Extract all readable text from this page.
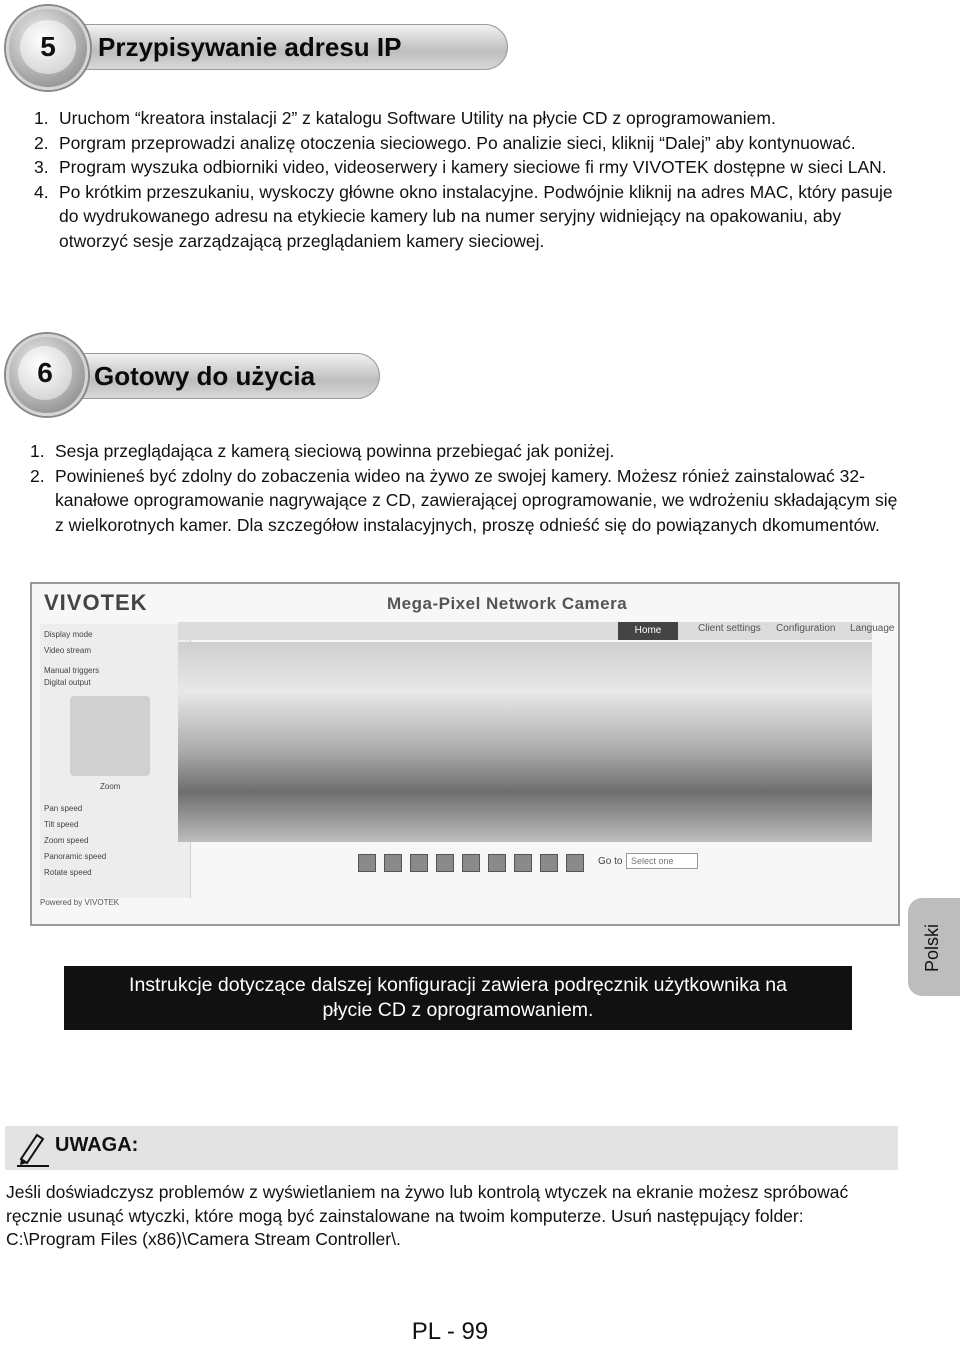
5	Przypisywanie adresu IP
1. Uruchom “kreatora instalacji 2” z katalogu Software Utility na płycie CD z oprogramowaniem.
2. Porgram przeprowadzi analizę otoczenia sieciowego. Po analizie sieci, kliknij “Dalej” aby kontynuować.
3. Program wyszuka odbiorniki video, videoserwery i kamery sieciowe fi rmy VIVOTEK dostępne w sieci LAN.
4. Po krótkim przeszukaniu, wyskoczy główne okno instalacyjne. Podwójnie kliknij na adres MAC, który pasuje do wydrukowanego adresu na etykiecie kamery lub na numer seryjny widniejący na opakowaniu, aby otworzyć sesje zarządzającą przeglądaniem kamery sieciowej.
6	Gotowy do użycia
1. Sesja przeglądająca z kamerą sieciową powinna przebiegać jak poniżej.
2. Powinieneś być zdolny do zobaczenia wideo na żywo ze swojej kamery. Możesz rónież zainstalować 32-kanałowe oprogramowanie nagrywające z CD, zawierającej oprogramowanie, we wdrożeniu składającym się z wielkorotnych kamer. Dla szczegółow instalacyjnych, proszę odnieść się do powiązanych dkomumentów.
VIVOTEK	Mega-Pixel Network Camera
Display mode
Video stream
Manual triggers
Digital output
Zoom
Pan speed
Tilt speed
Zoom speed
Panoramic speed
Rotate speed
Powered by VIVOTEK
Home	Client settings Configuration Language
Go to Select one
Instrukcje dotyczące dalszej konfiguracji zawiera podręcznik użytkownika na
płycie CD z oprogramowaniem.
Polski
UWAGA:
Jeśli doświadczysz problemów z wyświetlaniem na żywo lub kontrolą wtyczek na ekranie możesz spróbować ręcznie usunąć wtyczki, które mogą być zainstalowane na twoim komputerze. Usuń następujący folder: C:\Program Files (x86)\Camera Stream Controller\.
PL - 99
